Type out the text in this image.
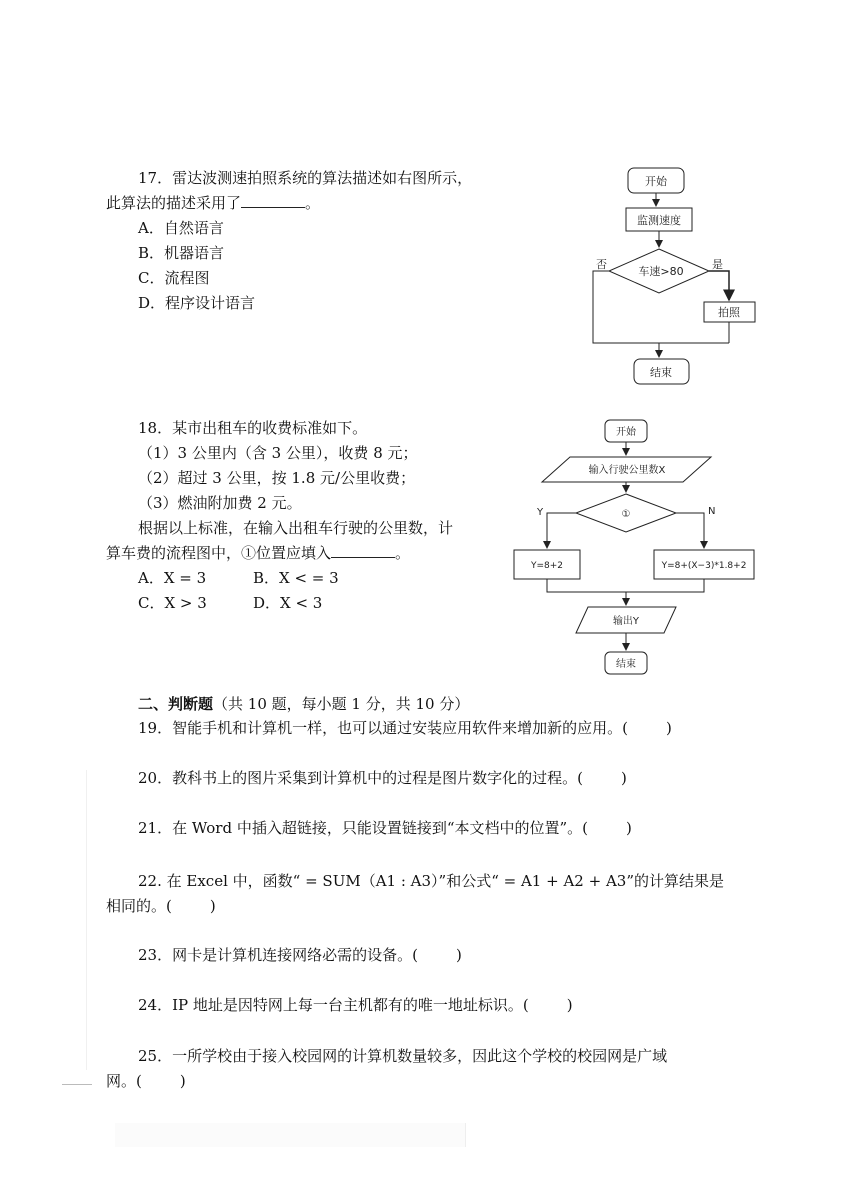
17．雷达波测速拍照系统的算法描述如右图所示，
此算法的描述采用了	。
A．自然语言
B．机器语言
C．流程图
D．程序设计语言
开始
监测速度
车速>80
是
否
拍照
结束
18．某市出租车的收费标准如下。
（1）3 公里内（含 3 公里），收费 8 元；
（2）超过 3 公里，按 1.8 元/公里收费；
（3）燃油附加费 2 元。
根据以上标准，在输入出租车行驶的公里数，计
算车费的流程图中，①位置应填入	。
A．X = 3	B．X < = 3
C．X > 3	D．X < 3
开始
输入行驶公里数X
①
Y	N
Y=8+2	Y=8+(X−3)*1.8+2
输出Y
结束
二、判断题（共 10 题，每小题 1 分，共 10 分）
19．智能手机和计算机一样，也可以通过安装应用软件来增加新的应用。(	)
20．教科书上的图片采集到计算机中的过程是图片数字化的过程。(	)
21．在 Word 中插入超链接，只能设置链接到“本文档中的位置”。(	)
22. 在 Excel 中，函数“ = SUM（A1 : A3）”和公式“ = A1 + A2 + A3”的计算结果是
相同的。(	)
23．网卡是计算机连接网络必需的设备。(	)
24．IP 地址是因特网上每一台主机都有的唯一地址标识。(	)
25．一所学校由于接入校园网的计算机数量较多，因此这个学校的校园网是广域
网。(	)
